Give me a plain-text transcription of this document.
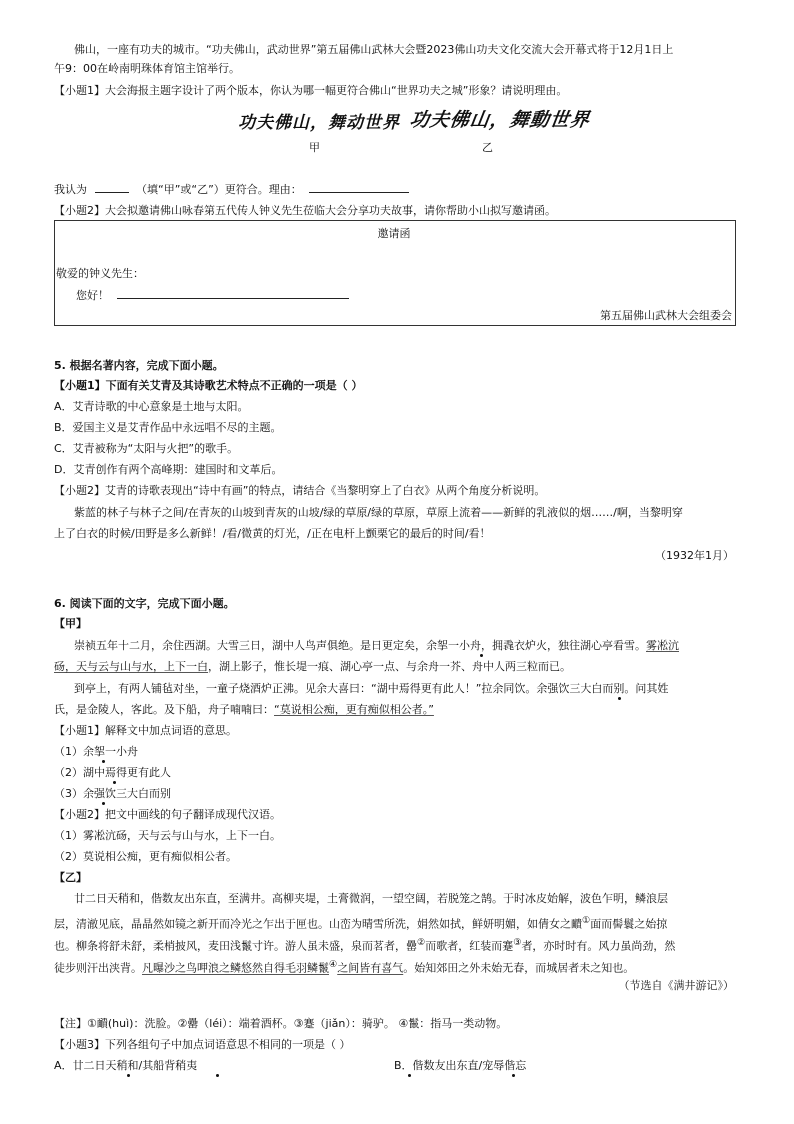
佛山，一座有功夫的城市。“功夫佛山，武动世界”第五届佛山武林大会暨2023佛山功夫文化交流大会开幕式将于12月1日上
午9：00在岭南明珠体育馆主馆举行。
【小题1】大会海报主题字设计了两个版本，你认为哪一幅更符合佛山“世界功夫之城”形象？请说明理由。
功夫佛山，舞动世界 功夫佛山，舞動世界
甲	乙
我认为	（填“甲”或“乙”）更符合。理由：
【小题2】大会拟邀请佛山咏春第五代传人钟义先生莅临大会分享功夫故事，请你帮助小山拟写邀请函。
邀请函
敬爱的钟义先生：
您好！
第五届佛山武林大会组委会
5. 根据名著内容，完成下面小题。
【小题1】下面有关艾青及其诗歌艺术特点不正确的一项是（ ）
A．艾青诗歌的中心意象是土地与太阳。
B．爱国主义是艾青作品中永远唱不尽的主题。
C．艾青被称为“太阳与火把”的歌手。
D．艾青创作有两个高峰期：建国时和文革后。
【小题2】艾青的诗歌表现出“诗中有画”的特点，请结合《当黎明穿上了白衣》从两个角度分析说明。
紫蓝的林子与林子之间/在青灰的山坡到青灰的山坡/绿的草原/绿的草原，草原上流着——新鲜的乳液似的烟……/啊，当黎明穿
上了白衣的时候/田野是多么新鲜！/看/微黄的灯光，/正在电杆上颤栗它的最后的时间/看！
（1932年1月）
6. 阅读下面的文字，完成下面小题。
【甲】
崇祯五年十二月，余住西湖。大雪三日，湖中人鸟声俱绝。是日更定矣，余挐一小舟，拥毳衣炉火，独往湖心亭看雪。雾凇沆
砀，天与云与山与水，上下一白，湖上影子，惟长堤一痕、湖心亭一点、与余舟一芥、舟中人两三粒而已。
到亭上，有两人铺毡对坐，一童子烧酒炉正沸。见余大喜曰：“湖中焉得更有此人！”拉余同饮。余强饮三大白而别。问其姓
氏，是金陵人，客此。及下船，舟子喃喃曰：“莫说相公痴，更有痴似相公者。”
【小题1】解释文中加点词语的意思。
（1）余挐一小舟
（2）湖中焉得更有此人
（3）余强饮三大白而别
【小题2】把文中画线的句子翻译成现代汉语。
（1）雾凇沆砀，天与云与山与水，上下一白。
（2）莫说相公痴，更有痴似相公者。
【乙】
廿二日天稍和，偕数友出东直，至满井。高柳夹堤，土膏微润，一望空阔，若脱笼之鹄。于时冰皮始解，波色乍明，鳞浪层
层，清澈见底，晶晶然如镜之新开而冷光之乍出于匣也。山峦为晴雪所洗，娟然如拭，鲜妍明媚，如倩女之靧①面而髻鬟之始掠
也。柳条将舒未舒，柔梢披风，麦田浅鬣寸许。游人虽未盛，泉而茗者，罍②而歌者，红装而蹇③者，亦时时有。风力虽尚劲，然
徒步则汗出浃背。凡曝沙之鸟呷浪之鳞悠然自得毛羽鳞鬣④之间皆有喜气。始知郊田之外未始无春，而城居者未之知也。
（节选自《满井游记》）
【注】①靧(huì)：洗脸。②罍（léi）：端着酒杯。③蹇（jiǎn）：骑驴。 ④鬣：指马一类动物。
【小题3】下列各组句子中加点词语意思不相同的一项是（ ）
A．廿二日天稍和/其船背稍夷	B．偕数友出东直/宠辱偕忘
